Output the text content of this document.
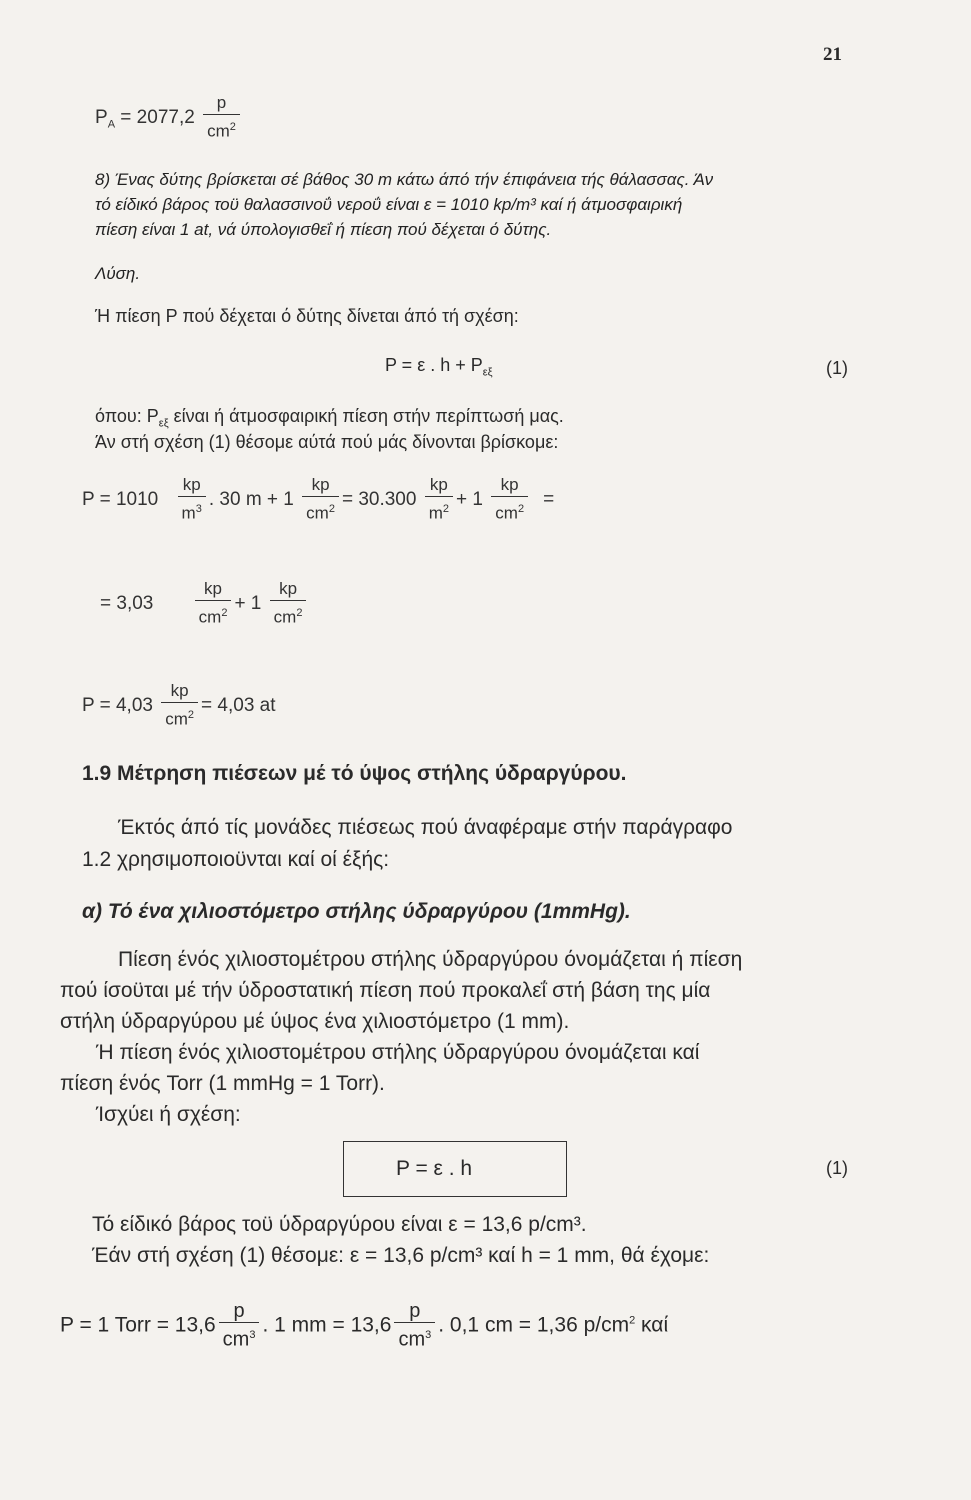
21
$P_A = 2077,2 \frac{p}{cm^2}$
8) Ένας δύτης βρίσκεται σέ βάθος 30 m κάτω άπό τήν έπιφάνεια τής θάλασσας. Άν
τό είδικό βάρος τοϋ θαλασσινοΰ νεροΰ είναι ε = 1010 kp/m³ καί ή άτμοσφαιρική
πίεση είναι 1 at, νά ύπολογισθεΐ ή πίεση πού δέχεται ό δύτης.
Λύση.
Ή πίεση Ρ πού δέχεται ό δύτης δίνεται άπό τή σχέση:
P = ε . $h + P_{\varepsilon\xi}$	(1)
όπου: $P_{\varepsilon\xi}$ είναι ή άτμοσφαιρική πίεση στήν περίπτωσή μας.
Άν στή σχέση (1) θέσομε αύτά πού μάς δίνονται βρίσκομε:
$P = 1010 \frac{kp}{m^3}$ . 30 $m + 1 \frac{kp}{cm^2} = 30.300 \frac{kp}{m^2} + 1 \frac{kp}{cm^2}$ =
= $3,03 \frac{kp}{cm^2} + 1 \frac{kp}{cm^2}$
$P = 4,03 \frac{kp}{cm^2} = 4,03$ at
1.9 Μέτρηση πιέσεων μέ τό ύψος στήλης ύδραργύρου.
Έκτός άπό τίς μονάδες πιέσεως πού άναφέραμε στήν παράγραφο
1.2 χρησιμοποιοϋνται καί οί έξής:
α) Τό ένα χιλιοστόμετρο στήλης ύδραργύρου (1mmHg).
Πίεση ένός χιλιοστομέτρου στήλης ύδραργύρου όνομάζεται ή πίεση
πού ίσοϋται μέ τήν ύδροστατική πίεση πού προκαλεΐ στή βάση της μία
στήλη ύδραργύρου μέ ύψος ένα χιλιοστόμετρο (1 mm).
Ή πίεση ένός χιλιοστομέτρου στήλης ύδραργύρου όνομάζεται καί
πίεση ένός Torr (1 mmHg = 1 Torr).
Ίσχύει ή σχέση:
P = ε . h	(1)
Τό είδικό βάρος τοϋ ύδραργύρου είναι ε = 13,6 p/cm³.
Έάν στή σχέση (1) θέσομε: ε = 13,6 p/cm³ καί h = 1 mm, θά έχομε:
P = 1 Torr = $13,6 \frac{p}{cm^3}$ . 1 mm = $13,6 \frac{p}{cm^3}$ . 0,1 cm = 1,36 $p/cm^2$ καί
